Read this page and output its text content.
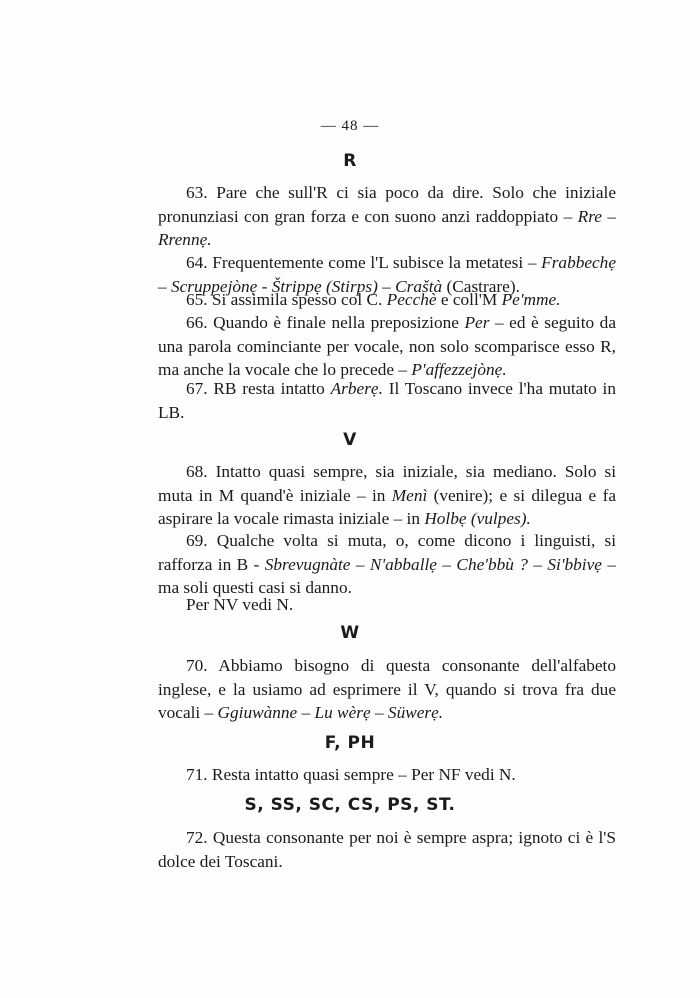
— 48 —
R
63. Pare che sull'R ci sia poco da dire. Solo che iniziale pronunziasi con gran forza e con suono anzi raddoppiato – Rre – Rrennẹ.
64. Frequentemente come l'L subisce la metatesi – Frabbechẹ – Scruppejònẹ - Štrippẹ (Stirps) – Craštà (Castrare).
65. Si assimila spesso col C. Pecchè e coll'M Pe'mme.
66. Quando è finale nella preposizione Per – ed è seguito da una parola cominciante per vocale, non solo scomparisce esso R, ma anche la vocale che lo precede – P'affezzejònẹ.
67. RB resta intatto Arberẹ. Il Toscano invece l'ha mutato in LB.
V
68. Intatto quasi sempre, sia iniziale, sia mediano. Solo si muta in M quand'è iniziale – in Menì (venire); e si dilegua e fa aspirare la vocale rimasta iniziale – in Holbẹ (vulpes).
69. Qualche volta si muta, o, come dicono i linguisti, si rafforza in B - Sbrevugnàte – N'abballẹ – Che'bbù ? – Si'bbivẹ – ma soli questi casi si danno.
Per NV vedi N.
W
70. Abbiamo bisogno di questa consonante dell'alfabeto inglese, e la usiamo ad esprimere il V, quando si trova fra due vocali – Ggiuwànne – Lu wèrẹ – Süwerẹ.
F, PH
71. Resta intatto quasi sempre – Per NF vedi N.
S, SS, SC, CS, PS, ST.
72. Questa consonante per noi è sempre aspra; ignoto ci è l'S dolce dei Toscani.
